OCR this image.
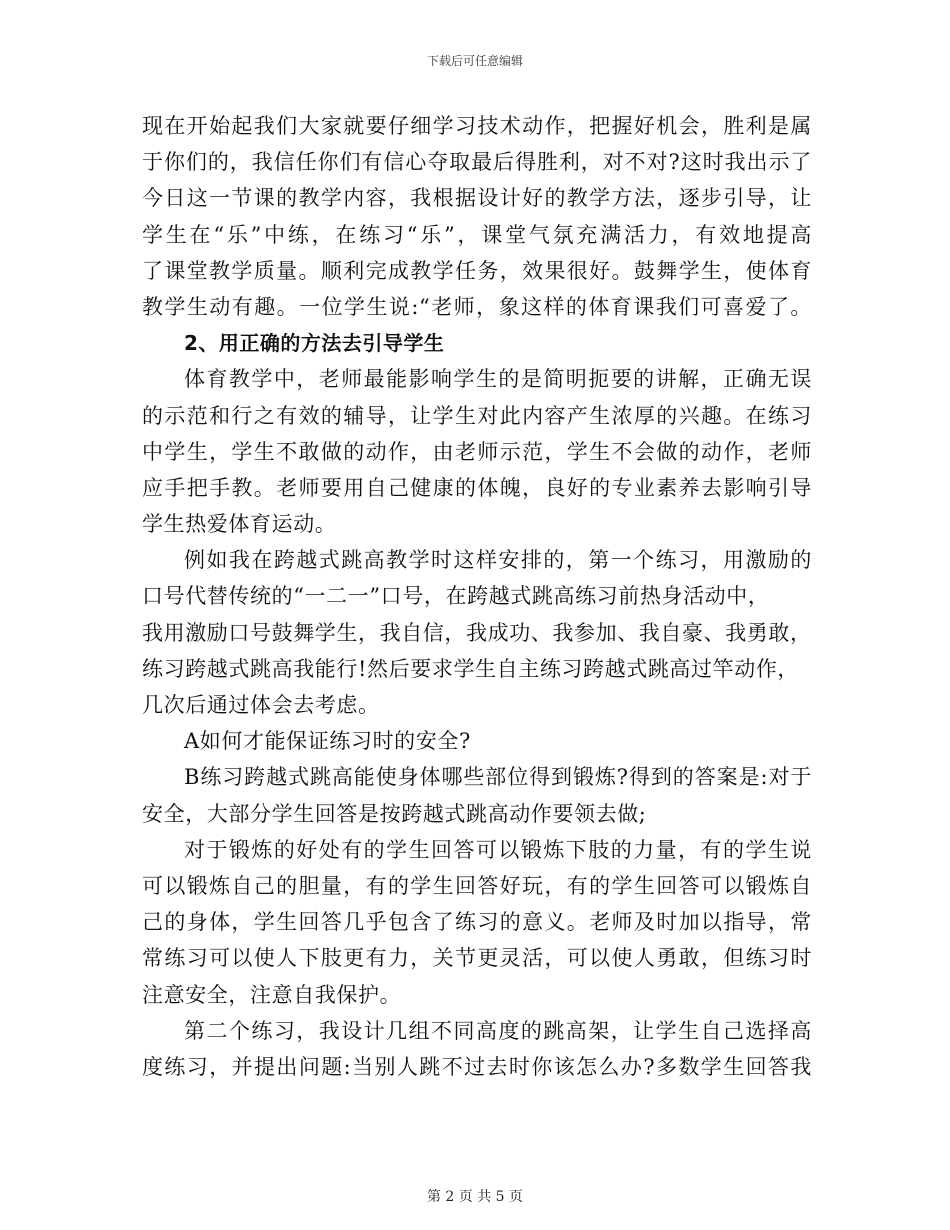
下载后可任意编辑
现在开始起我们大家就要仔细学习技术动作，把握好机会，胜利是属
于你们的，我信任你们有信心夺取最后得胜利，对不对?这时我出示了
今日这一节课的教学内容，我根据设计好的教学方法，逐步引导，让
学生在“乐”中练，在练习“乐”，课堂气氛充满活力，有效地提高
了课堂教学质量。顺利完成教学任务，效果很好。鼓舞学生，使体育
教学生动有趣。一位学生说:“老师，象这样的体育课我们可喜爱了。
2、用正确的方法去引导学生
体育教学中，老师最能影响学生的是简明扼要的讲解，正确无误
的示范和行之有效的辅导，让学生对此内容产生浓厚的兴趣。在练习
中学生，学生不敢做的动作，由老师示范，学生不会做的动作，老师
应手把手教。老师要用自己健康的体魄，良好的专业素养去影响引导
学生热爱体育运动。
例如我在跨越式跳高教学时这样安排的，第一个练习，用激励的
口号代替传统的“一二一”口号，在跨越式跳高练习前热身活动中，
我用激励口号鼓舞学生，我自信，我成功、我参加、我自豪、我勇敢，
练习跨越式跳高我能行!然后要求学生自主练习跨越式跳高过竿动作，
几次后通过体会去考虑。
A如何才能保证练习时的安全?
B练习跨越式跳高能使身体哪些部位得到锻炼?得到的答案是:对于
安全，大部分学生回答是按跨越式跳高动作要领去做;
对于锻炼的好处有的学生回答可以锻炼下肢的力量，有的学生说
可以锻炼自己的胆量，有的学生回答好玩，有的学生回答可以锻炼自
己的身体，学生回答几乎包含了练习的意义。老师及时加以指导，常
常练习可以使人下肢更有力，关节更灵活，可以使人勇敢，但练习时
注意安全，注意自我保护。
第二个练习，我设计几组不同高度的跳高架，让学生自己选择高
度练习，并提出问题:当别人跳不过去时你该怎么办?多数学生回答我
第 2 页 共 5 页
